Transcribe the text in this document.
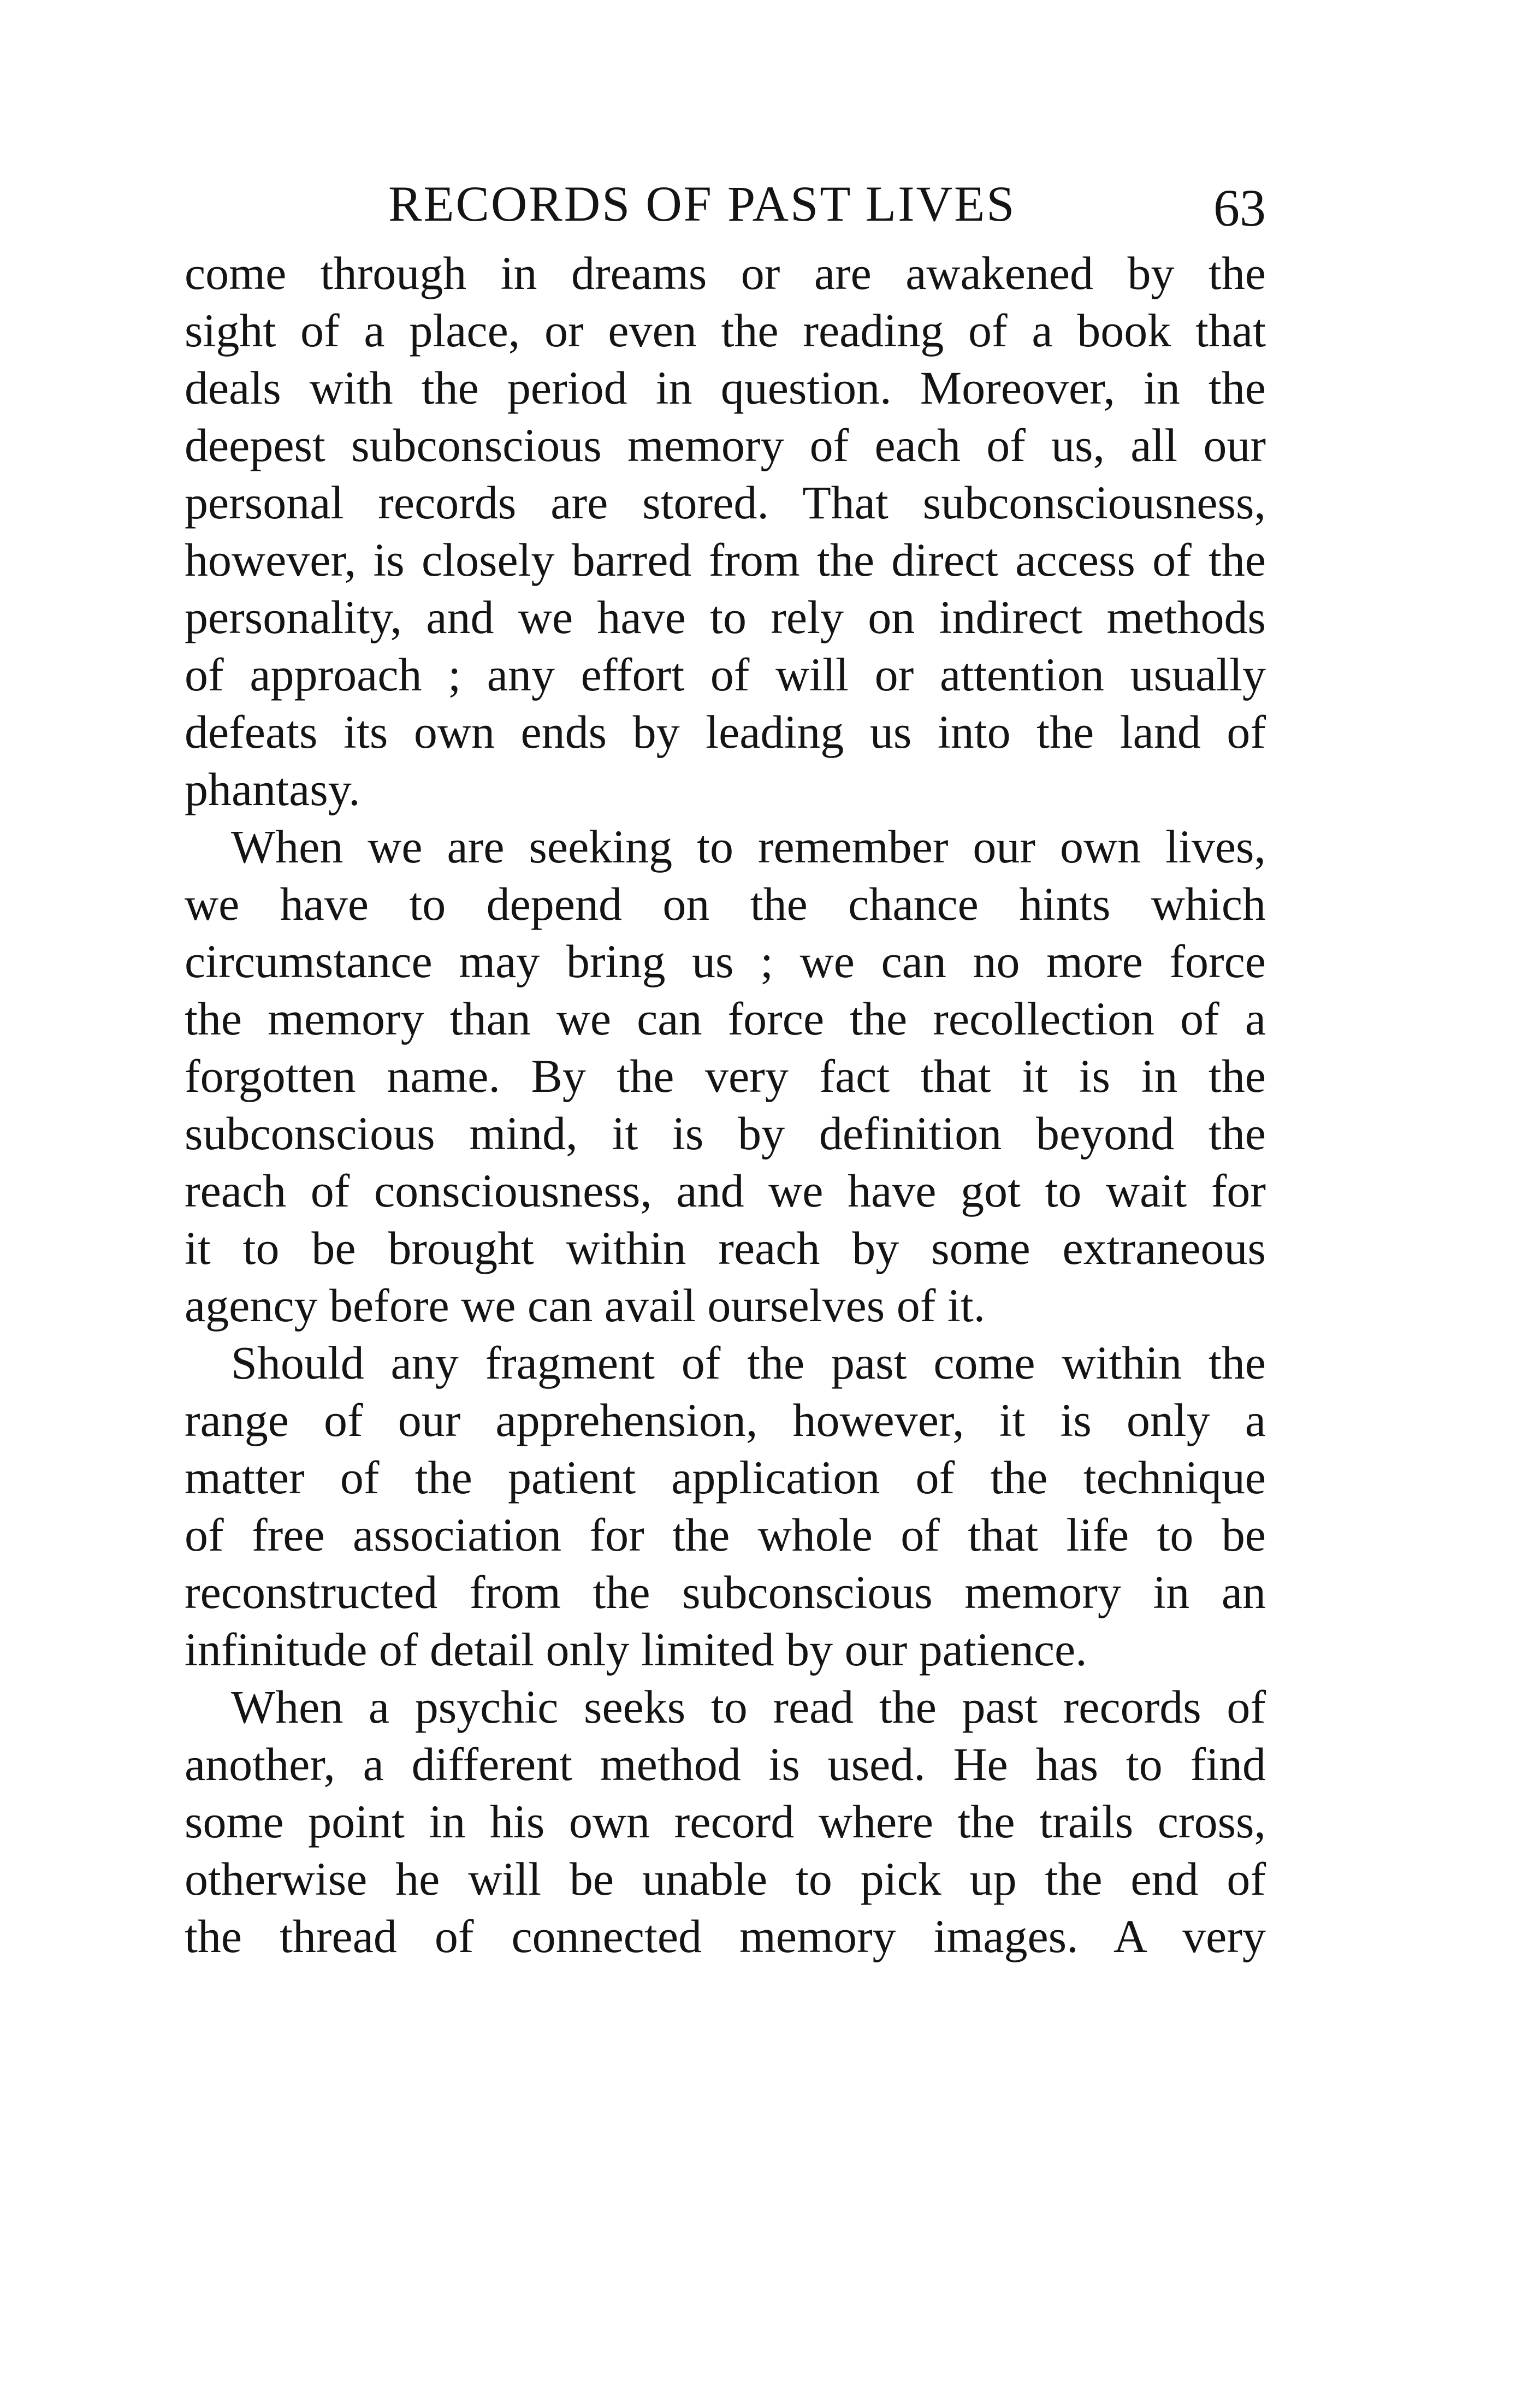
RECORDS OF PAST LIVES	63
come through in dreams or are awakened by the
sight of a place, or even the reading of a book that
deals with the period in question. Moreover, in the
deepest subconscious memory of each of us, all our
personal records are stored. That subconsciousness,
however, is closely barred from the direct access of the
personality, and we have to rely on indirect methods
of approach ; any effort of will or attention usually
defeats its own ends by leading us into the land of
phantasy.
When we are seeking to remember our own lives,
we have to depend on the chance hints which
circumstance may bring us ; we can no more force
the memory than we can force the recollection of a
forgotten name. By the very fact that it is in the
subconscious mind, it is by definition beyond the
reach of consciousness, and we have got to wait for
it to be brought within reach by some extraneous
agency before we can avail ourselves of it.
Should any fragment of the past come within the
range of our apprehension, however, it is only a
matter of the patient application of the technique
of free association for the whole of that life to be
reconstructed from the subconscious memory in an
infinitude of detail only limited by our patience.
When a psychic seeks to read the past records of
another, a different method is used. He has to find
some point in his own record where the trails cross,
otherwise he will be unable to pick up the end of
the thread of connected memory images. A very
